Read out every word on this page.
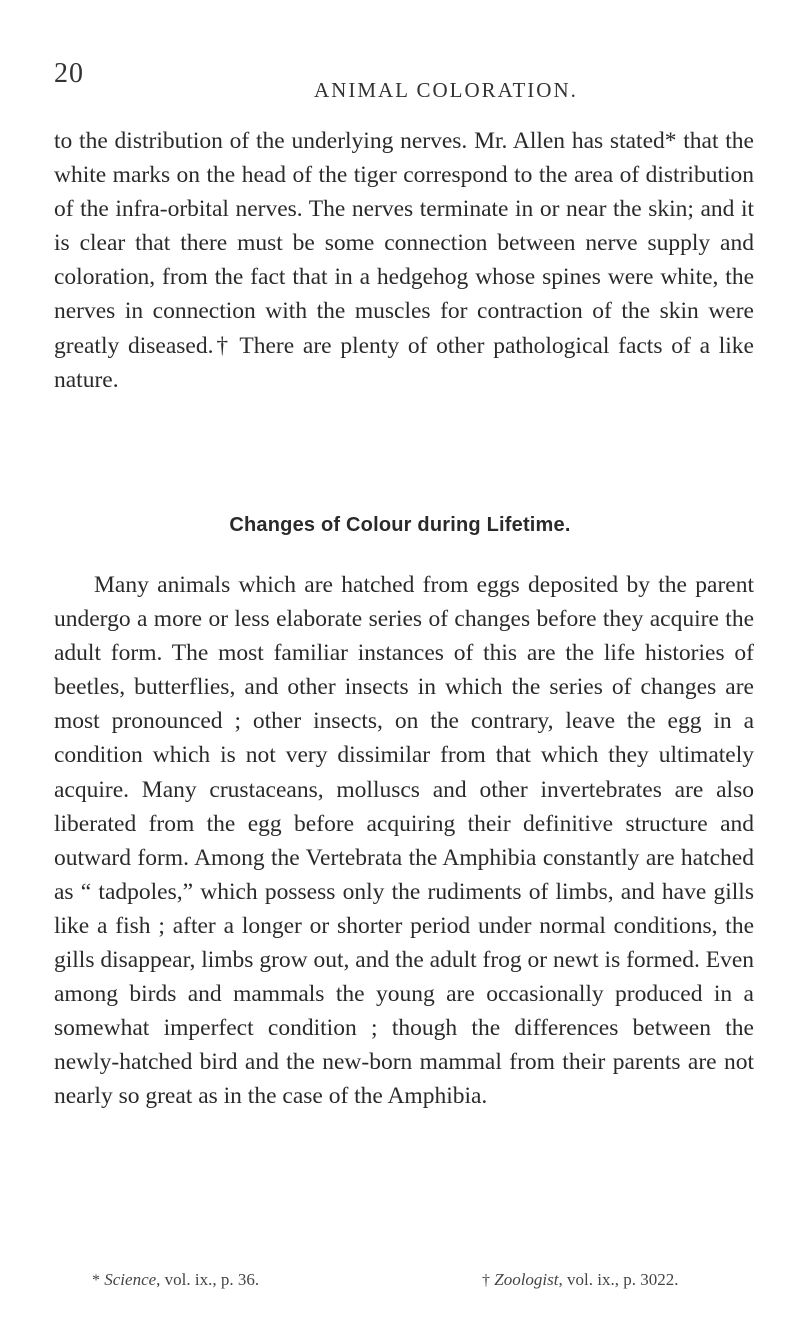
20
ANIMAL COLORATION.

to the distribution of the underlying nerves. Mr. Allen has stated* that the white marks on the head of the tiger correspond to the area of distribution of the infra-orbital nerves. The nerves terminate in or near the skin; and it is clear that there must be some connection between nerve supply and coloration, from the fact that in a hedgehog whose spines were white, the nerves in connection with the muscles for contraction of the skin were greatly diseased.† There are plenty of other pathological facts of a like nature.

Changes of Colour during Lifetime.

Many animals which are hatched from eggs deposited by the parent undergo a more or less elaborate series of changes before they acquire the adult form. The most familiar instances of this are the life histories of beetles, butterflies, and other insects in which the series of changes are most pronounced ; other insects, on the contrary, leave the egg in a condition which is not very dissimilar from that which they ultimately acquire. Many crustaceans, molluscs and other invertebrates are also liberated from the egg before acquiring their definitive structure and outward form. Among the Vertebrata the Amphibia constantly are hatched as “ tadpoles,” which possess only the rudiments of limbs, and have gills like a fish ; after a longer or shorter period under normal conditions, the gills disappear, limbs grow out, and the adult frog or newt is formed. Even among birds and mammals the young are occasionally produced in a somewhat imperfect condition ; though the differences between the newly-hatched bird and the new-born mammal from their parents are not nearly so great as in the case of the Amphibia.

* Science, vol. ix., p. 36.	† Zoologist, vol. ix., p. 3022.
